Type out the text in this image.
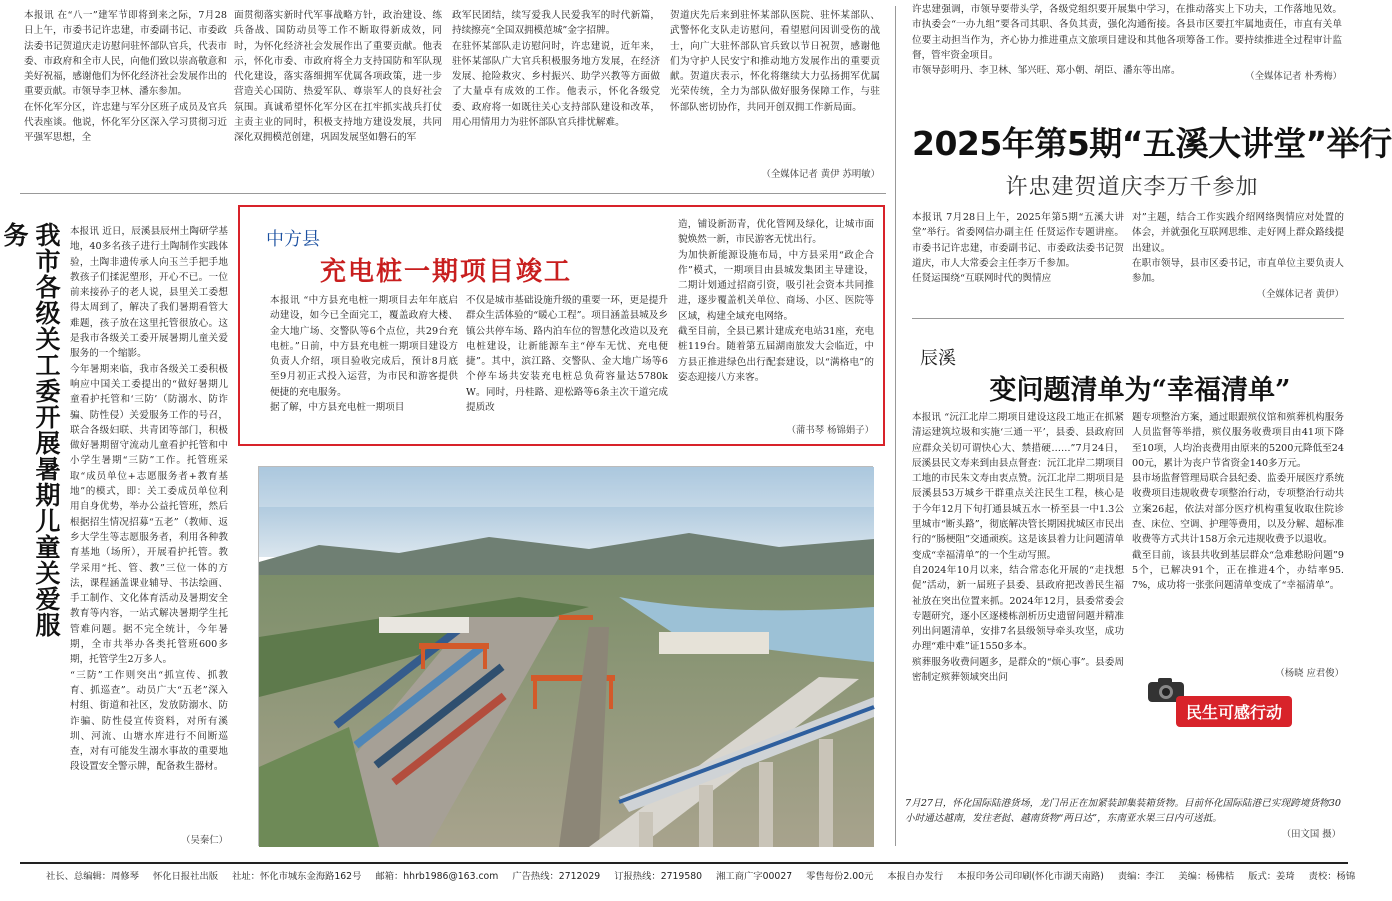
本报讯 在“八一”建军节即将到来之际，7月28日上午，市委书记许忠建，市委副书记、市委政法委书记贺道庆走访慰问驻怀部队官兵，代表市委、市政府和全市人民，向他们致以崇高敬意和美好祝福，感谢他们为怀化经济社会发展作出的重要贡献。市领导李卫林、潘东参加。
在怀化军分区，许忠建与军分区班子成员及官兵代表座谈。他说，怀化军分区深入学习贯彻习近平强军思想，全
面贯彻落实新时代军事战略方针，政治建设、练兵备战、国防动员等工作不断取得新成效，同时，为怀化经济社会发展作出了重要贡献。他表示，怀化市委、市政府将全力支持国防和军队现代化建设，落实落细拥军优属各项政策，进一步营造关心国防、热爱军队、尊崇军人的良好社会氛围。真诚希望怀化军分区在扛牢抓实战兵打仗主责主业的同时，积极支持地方建设发展，共同深化双拥模范创建，巩固发展坚如磐石的军
政军民团结，续写爱我人民爱我军的时代新篇，持续擦亮“全国双拥模范城”金字招牌。
在驻怀某部队走访慰问时，许忠建说，近年来，驻怀某部队广大官兵积极服务地方发展，在经济发展、抢险救灾、乡村振兴、助学兴教等方面做了大量卓有成效的工作。他表示，怀化各级党委、政府将一如既往关心支持部队建设和改革，用心用情用力为驻怀部队官兵排忧解难。
贺道庆先后来到驻怀某部队医院、驻怀某部队、武警怀化支队走访慰问，看望慰问因训受伤的战士，向广大驻怀部队官兵致以节日祝贺，感谢他们为守护人民安宁和推动地方发展作出的重要贡献。贺道庆表示，怀化将继续大力弘扬拥军优属光荣传统，全力为部队做好服务保障工作，与驻怀部队密切协作，共同开创双拥工作新局面。
（全媒体记者 黄伊 苏明敏）
许忠建强调，市领导要带头学，各级党组织要开展集中学习，在推动落实上下功夫，工作落地见效。市执委会“一办九组”要各司其职、各负其责，强化沟通衔接。各县市区要扛牢属地责任，市直有关单位要主动担当作为，齐心协力推进重点文旅项目建设和其他各项筹备工作。要持续推进全过程审计监督，管牢资金项目。
市领导彭明丹、李卫林、邹兴旺、郑小朝、胡臣、潘东等出席。
（全媒体记者 朴秀梅）
2025年第5期“五溪大讲堂”举行
许忠建贺道庆李万千参加
本报讯 7月28日上午，2025年第5期“五溪大讲堂”举行。省委网信办副主任 任贤运作专题讲座。市委书记许忠建，市委副书记、市委政法委书记贺道庆，市人大常委会主任李万千参加。
任贤运围绕“互联网时代的舆情应
对”主题，结合工作实践介绍网络舆情应对处置的体会，并就强化互联网思维、走好网上群众路线提出建议。
在职市领导，县市区委书记，市直单位主要负责人参加。
（全媒体记者 黄伊）
我市各级关工委开展暑期儿童关爱服务	本报讯 近日，辰溪县辰州土陶研学基地，40多名孩子进行土陶制作实践体验，土陶非遗传承人向玉兰手把手地教孩子们揉泥塑形，开心不已。一位前来接孙子的老人说，县里关工委想得太周到了，解决了我们暑期看管大难题，孩子放在这里托管很放心。这是我市各级关工委开展暑期儿童关爱服务的一个缩影。
今年暑期来临，我市各级关工委积极响应中国关工委提出的“做好暑期儿童看护托管和‘三防’（防溺水、防诈骗、防性侵）关爱服务工作的号召，联合各级妇联、共青团等部门，积极做好暑期留守流动儿童看护托管和中小学生暑期“三防”工作。托管班采取“成员单位+志愿服务者+教育基地”的模式，即：关工委成员单位利用自身优势，举办公益托管班，然后根据招生情况招募“五老”（教师、返乡大学生等志愿服务者，利用各种教育基地（场所），开展看护托管。教学采用“托、管、教”三位一体的方法，课程涵盖课业辅导、书法绘画、手工制作、文化体育活动及暑期安全教育等内容，一站式解决暑期学生托管难问题。据不完全统计，今年暑期，全市共举办各类托管班600多期，托管学生2万多人。
“三防”工作则突出“抓宣传、抓教育、抓巡查”。动员广大“五老”深入村组、街道和社区，发放防溺水、防诈骗、防性侵宣传资料，对所有溪圳、河流、山塘水库进行不间断巡查，对有可能发生溺水事故的重要地段设置安全警示牌，配备救生器材。
（吴秦仁）
中方县
充电桩一期项目竣工
本报讯 “中方县充电桩一期项目去年年底启动建设，如今已全面完工，覆盖政府大楼、金大地广场、交警队等6个点位，共29台充电桩。”日前，中方县充电桩一期项目建设方负责人介绍，项目验收完成后，预计8月底至9月初正式投入运营，为市民和游客提供便捷的充电服务。
据了解，中方县充电桩一期项目
不仅是城市基础设施升级的重要一环，更是提升群众生活体验的“暖心工程”。项目涵盖县城及乡镇公共停车场、路内泊车位的智慧化改造以及充电桩建设，让新能源车主“停车无忧、充电便捷”。其中，滨江路、交警队、金大地广场等6个停车场共安装充电桩总负荷容量达5780kW。同时，丹桂路、迎松路等6条主次干道完成提质改
造，铺设新沥青，优化管网及绿化，让城市面貌焕然一新，市民游客无忧出行。
为加快新能源设施布局，中方县采用“政企合作”模式，一期项目由县城发集团主导建设，二期计划通过招商引资，吸引社会资本共同推进，逐步覆盖机关单位、商场、小区、医院等区域，构建全域充电网络。
截至目前，全县已累计建成充电站31座，充电桩119台。随着第五届湖南旅发大会临近，中方县正推进绿色出行配套建设，以“满格电”的姿态迎接八方来客。
（蒲书琴 杨锦娟子）
7月27日，怀化国际陆港货场，龙门吊正在加紧装卸集装箱货物。目前怀化国际陆港已实现跨境货物30小时通达越南，发往老挝、越南货物“两日达”，东南亚水果三日内可送抵。
（田文国 摄）
辰溪
变问题清单为“幸福清单”
本报讯 “沅江北岸二期项目建设这段工地正在抓紧清运建筑垃圾和实施‘三通一平’，县委、县政府回应群众关切可谓快心大、禁措硬……”7月24日，辰溪县民文寿来到由县点督查：沅江北岸二期项目工地的市民朱文寿由衷点赞。沅江北岸二期项目是辰溪县53万城乡干群重点关注民生工程，核心是于今年12月下旬打通县城五水一桥至县一中1.3公里城市“断头路”，彻底解决管长期困扰城区市民出行的“肠梗阻”交通顽疾。这是该县着力让问题清单变成“幸福清单”的一个生动写照。
自2024年10月以来，结合常态化开展的“走找想促”活动，新一届班子县委、县政府把改善民生福祉放在突出位置来抓。2024年12月，县委常委会专题研究，逐小区逐楼栋剖析历史遗留问题并精准列出问题清单，安排7名县级领导牵头攻坚，成功办理“难中难”证1550多本。
殡葬服务收费问题多，是群众的“烦心事”。县委周密制定殡葬领域突出问
题专项整治方案，通过眼跟殡仪馆和殡葬机构服务人员监督等举措，殡仪服务收费项目由41项下降至10项，人均治丧费用由原来的5200元降低至2400元，累计为丧户节省资金140多万元。
县市场监督管理局联合县纪委、监委开展医疗系统收费项目违规收费专项整治行动，专项整治行动共立案26起，依法对部分医疗机构重复收取住院诊查、床位、空调、护理等费用，以及分解、超标准收费等方式共计158万余元违规收费予以退收。
截至目前，该县共收到基层群众“急难愁盼问题”95个，已解决91个，正在推进4个，办结率95.7%，成功将一张张问题清单变成了“幸福清单”。
（杨晓 应君俊）
民生可感行动
社长、总编辑：周修琴 怀化日报社出版 社址：怀化市城东金海路162号 邮箱：hhrb1986@163.com 广告热线：2712029 订报热线：2719580 湘工商广字00027 零售每份2.00元 本报自办发行 本报印务公司印刷(怀化市湖天南路) 责编：李江 美编：杨佛桔 版式：姜琦 责校：杨锦
